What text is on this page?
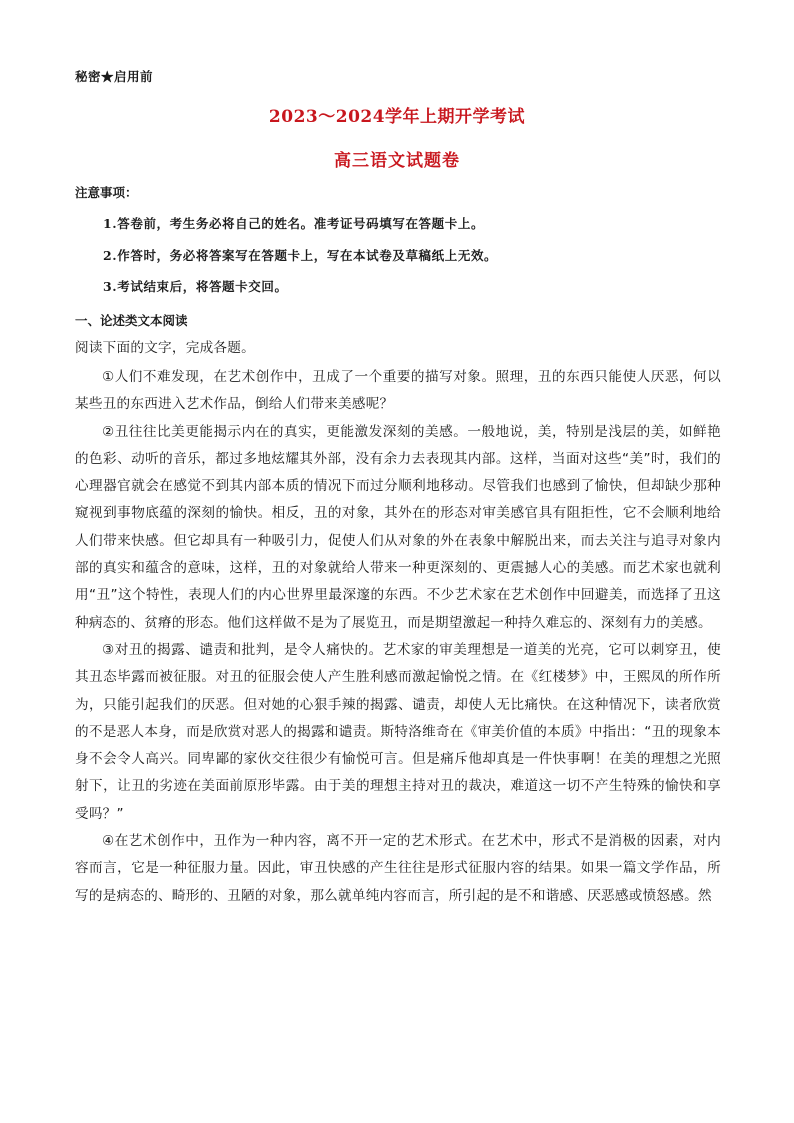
秘密★启用前
2023～2024学年上期开学考试
高三语文试题卷
注意事项：
1.答卷前，考生务必将自己的姓名。准考证号码填写在答题卡上。
2.作答时，务必将答案写在答题卡上，写在本试卷及草稿纸上无效。
3.考试结束后，将答题卡交回。
一、论述类文本阅读
阅读下面的文字，完成各题。

①人们不难发现，在艺术创作中，丑成了一个重要的描写对象。照理，丑的东西只能使人厌恶，何以某些丑的东西进入艺术作品，倒给人们带来美感呢？

②丑往往比美更能揭示内在的真实，更能激发深刻的美感。一般地说，美，特别是浅层的美，如鲜艳的色彩、动听的音乐，都过多地炫耀其外部，没有余力去表现其内部。这样，当面对这些“美”时，我们的心理器官就会在感觉不到其内部本质的情况下而过分顺利地移动。尽管我们也感到了愉快，但却缺少那种窥视到事物底蕴的深刻的愉快。相反，丑的对象，其外在的形态对审美感官具有阻拒性，它不会顺利地给人们带来快感。但它却具有一种吸引力，促使人们从对象的外在表象中解脱出来，而去关注与追寻对象内部的真实和蕴含的意味，这样，丑的对象就给人带来一种更深刻的、更震撼人心的美感。而艺术家也就利用“丑”这个特性，表现人们的内心世界里最深邃的东西。不少艺术家在艺术创作中回避美，而选择了丑这种病态的、贫瘠的形态。他们这样做不是为了展览丑，而是期望激起一种持久难忘的、深刻有力的美感。

③对丑的揭露、谴责和批判，是令人痛快的。艺术家的审美理想是一道美的光亮，它可以刺穿丑，使其丑态毕露而被征服。对丑的征服会使人产生胜利感而激起愉悦之情。在《红楼梦》中，王熙凤的所作所为，只能引起我们的厌恶。但对她的心狠手辣的揭露、谴责，却使人无比痛快。在这种情况下，读者欣赏的不是恶人本身，而是欣赏对恶人的揭露和谴责。斯特洛维奇在《审美价值的本质》中指出：“丑的现象本身不会令人高兴。同卑鄙的家伙交往很少有愉悦可言。但是痛斥他却真是一件快事啊！在美的理想之光照射下，让丑的劣迹在美面前原形毕露。由于美的理想主持对丑的裁决，难道这一切不产生特殊的愉快和享受吗？”

④在艺术创作中，丑作为一种内容，离不开一定的艺术形式。在艺术中，形式不是消极的因素，对内容而言，它是一种征服力量。因此，审丑快感的产生往往是形式征服内容的结果。如果一篇文学作品，所写的是病态的、畸形的、丑陋的对象，那么就单纯内容而言，所引起的是不和谐感、厌恶感或愤怒感。然
